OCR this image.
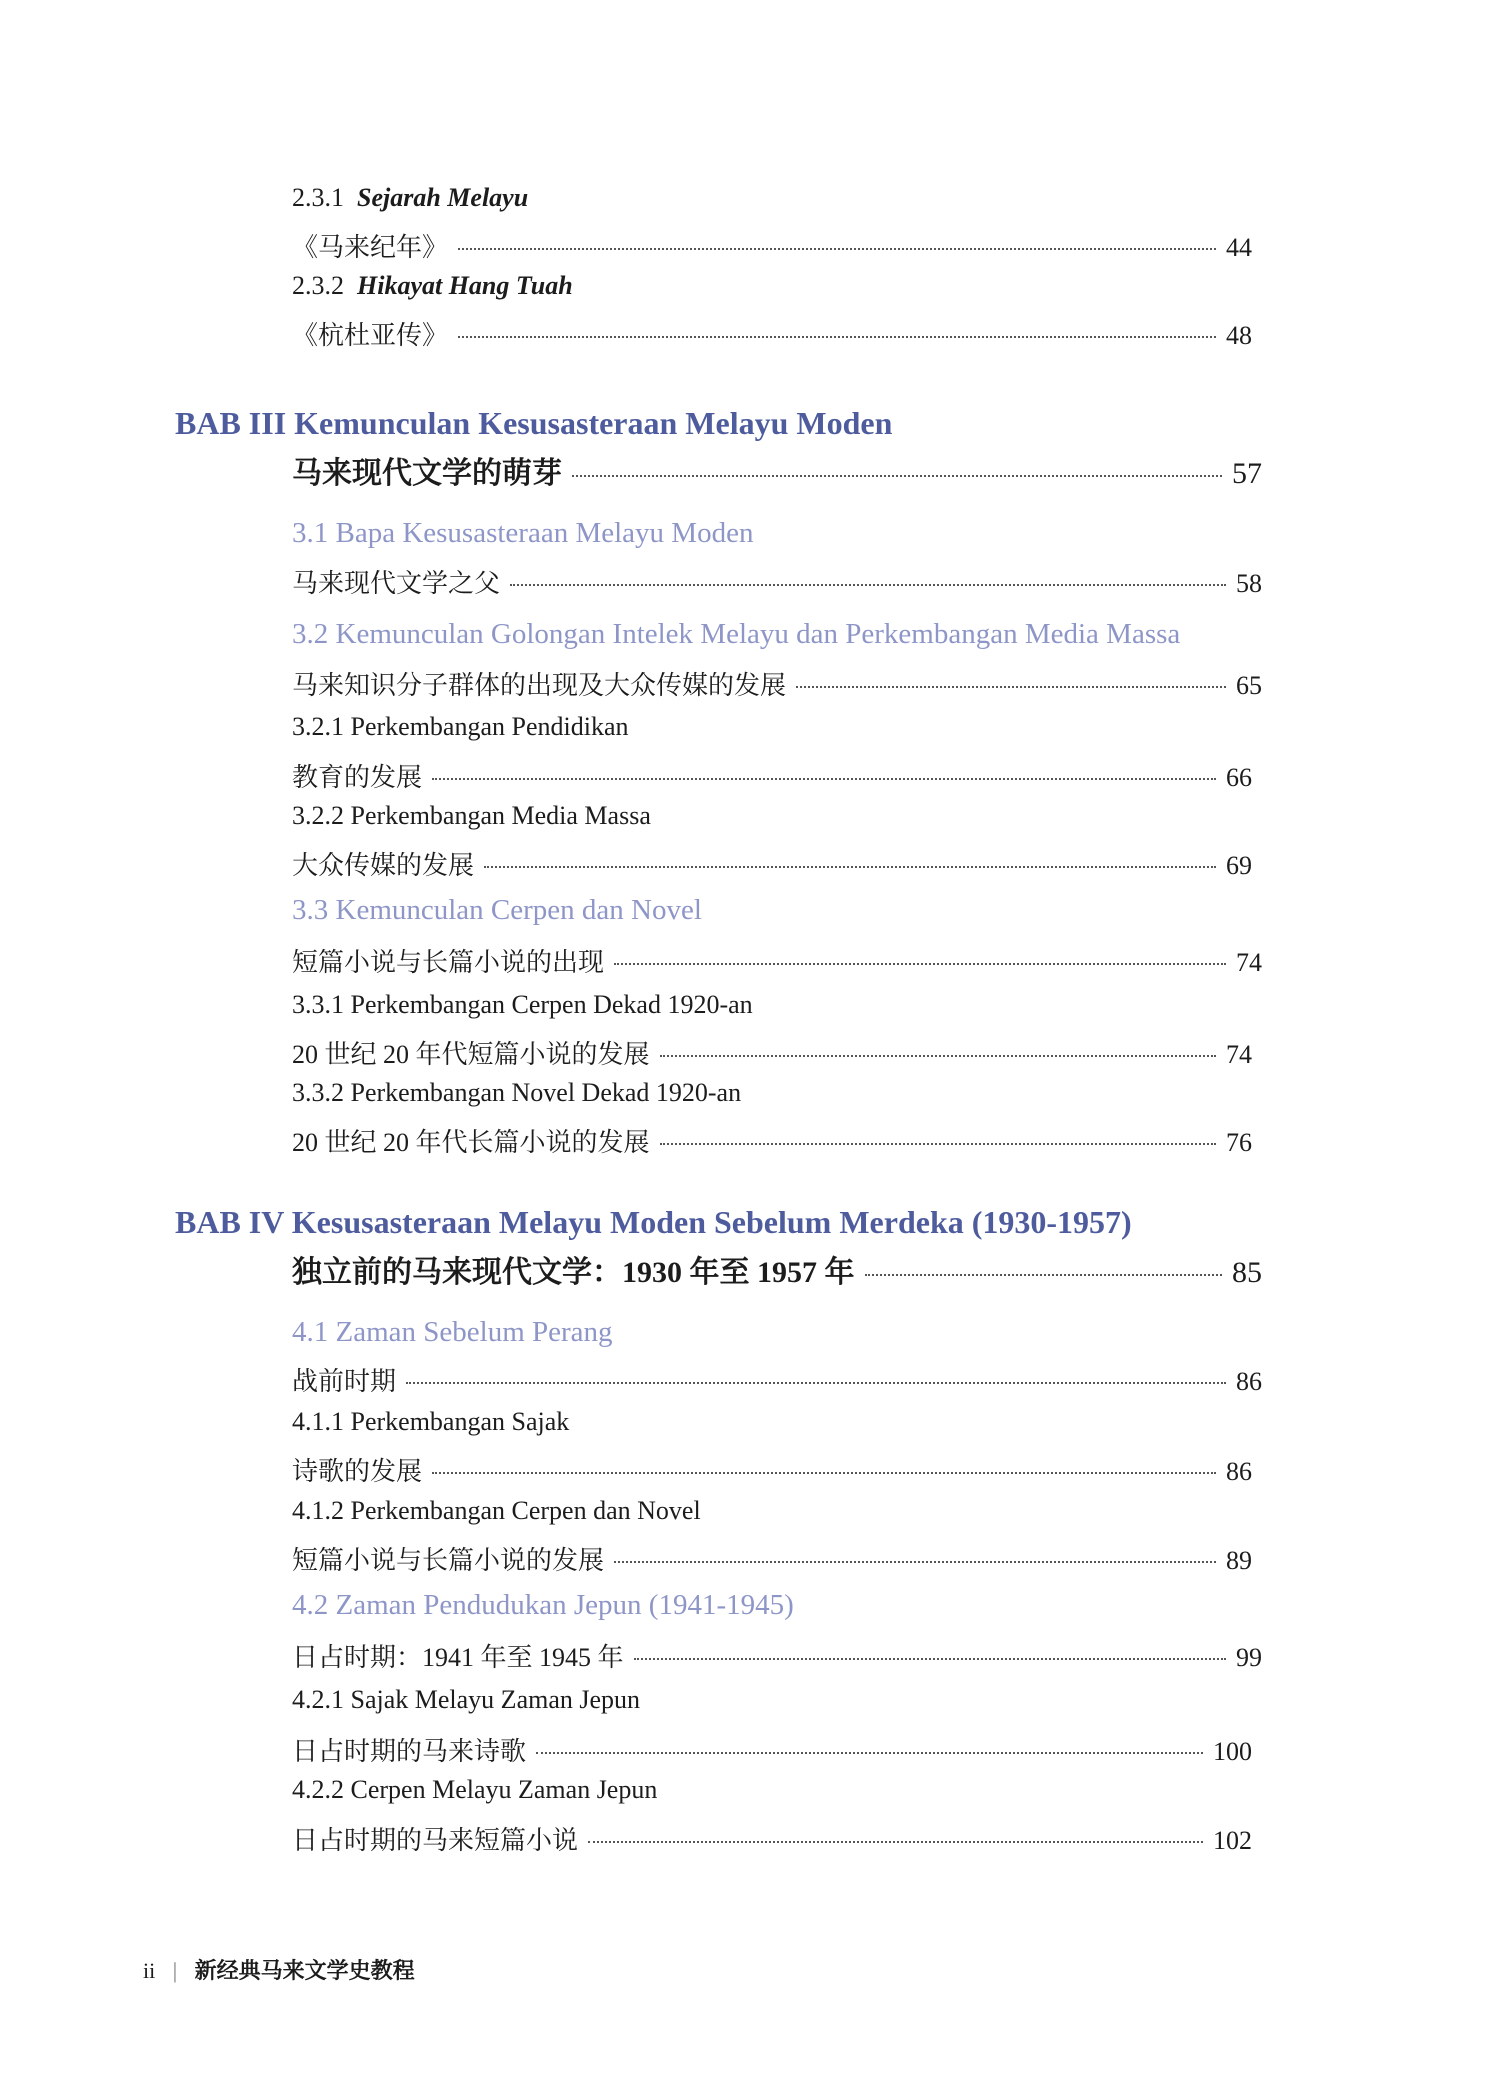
2.3.1 Sejarah Melayu
《马来纪年》	44
2.3.2 Hikayat Hang Tuah
《杭杜亚传》	48
BAB III Kemunculan Kesusasteraan Melayu Moden
马来现代文学的萌芽	57
3.1 Bapa Kesusasteraan Melayu Moden
马来现代文学之父	58
3.2 Kemunculan Golongan Intelek Melayu dan Perkembangan Media Massa
马来知识分子群体的出现及大众传媒的发展	65
3.2.1 Perkembangan Pendidikan
教育的发展	66
3.2.2 Perkembangan Media Massa
大众传媒的发展	69
3.3 Kemunculan Cerpen dan Novel
短篇小说与长篇小说的出现	74
3.3.1 Perkembangan Cerpen Dekad 1920-an
20 世纪 20 年代短篇小说的发展	74
3.3.2 Perkembangan Novel Dekad 1920-an
20 世纪 20 年代长篇小说的发展	76
BAB IV Kesusasteraan Melayu Moden Sebelum Merdeka (1930-1957)
独立前的马来现代文学：1930 年至 1957 年	85
4.1 Zaman Sebelum Perang
战前时期	86
4.1.1 Perkembangan Sajak
诗歌的发展	86
4.1.2 Perkembangan Cerpen dan Novel
短篇小说与长篇小说的发展	89
4.2 Zaman Pendudukan Jepun (1941-1945)
日占时期：1941 年至 1945 年	99
4.2.1 Sajak Melayu Zaman Jepun
日占时期的马来诗歌	100
4.2.2 Cerpen Melayu Zaman Jepun
日占时期的马来短篇小说	102
ii | 新经典马来文学史教程
